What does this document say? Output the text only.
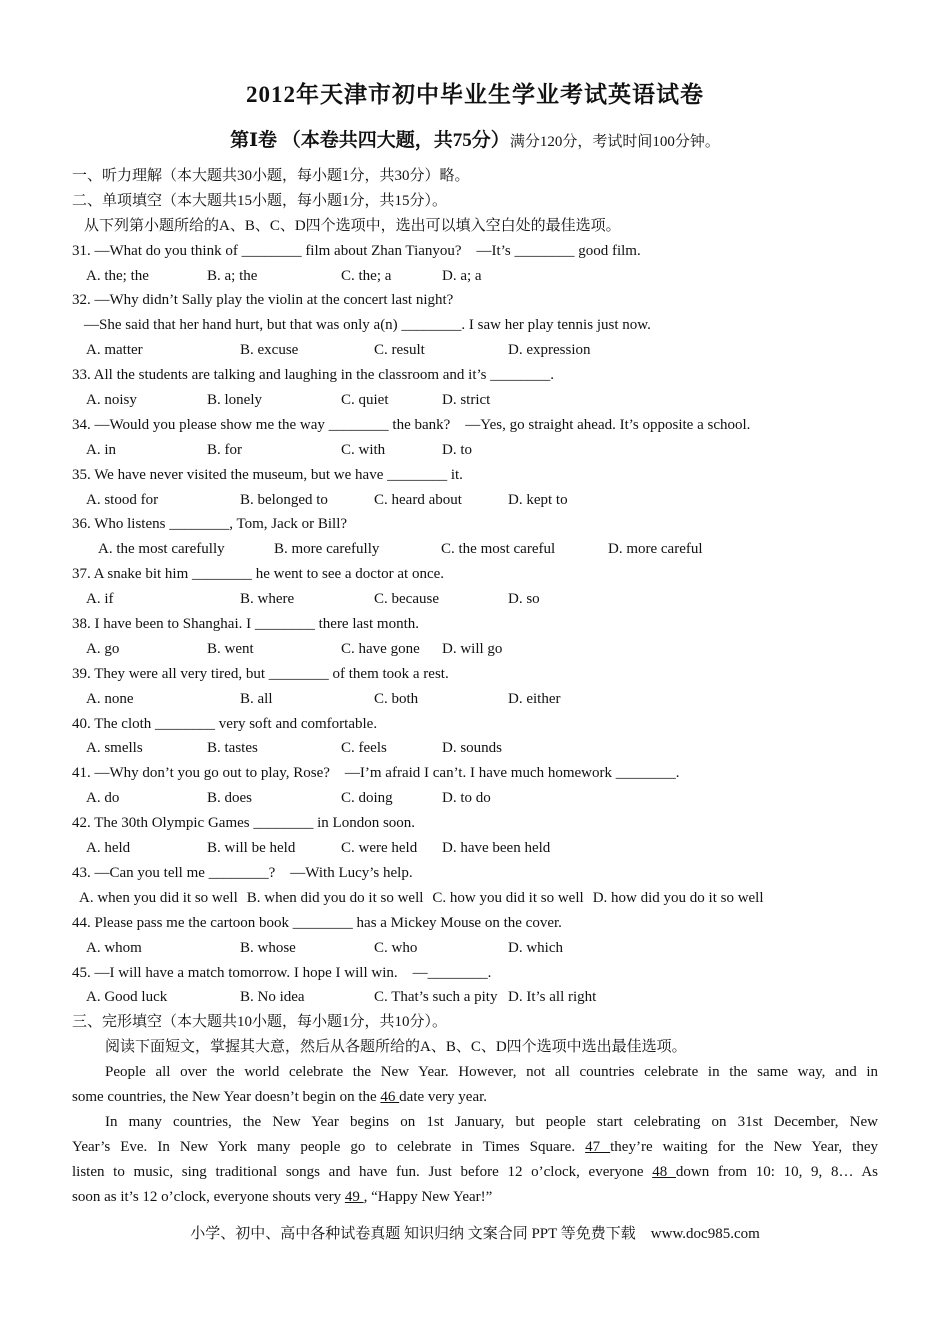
2012年天津市初中毕业生学业考试英语试卷
第Ⅰ卷 （本卷共四大题，共75分）满分120分，考试时间100分钟。
一、听力理解（本大题共30小题，每小题1分，共30分）略。
二、单项填空（本大题共15小题，每小题1分，共15分）。
从下列第小题所给的A、B、C、D四个选项中，选出可以填入空白处的最佳选项。
31. —What do you think of ________ film about Zhan Tianyou?　—It’s ________ good film.
A. the; the	B. a; the	C. the; a	D. a; a
32. —Why didn’t Sally play the violin at the concert last night?
—She said that her hand hurt, but that was only a(n) ________. I saw her play tennis just now.
A. matter	B. excuse	C. result	D. expression
33. All the students are talking and laughing in the classroom and it’s ________.
A. noisy	B. lonely	C. quiet	D. strict
34. —Would you please show me the way ________ the bank?　—Yes, go straight ahead. It’s opposite a school.
A. in	B. for	C. with	D. to
35. We have never visited the museum, but we have ________ it.
A. stood for	B. belonged to	C. heard about	D. kept to
36. Who listens ________, Tom, Jack or Bill?
A. the most carefully	B. more carefully	C. the most careful	D. more careful
37. A snake bit him ________ he went to see a doctor at once.
A. if	B. where	C. because	D. so
38. I have been to Shanghai. I ________ there last month.
A. go	B. went	C. have gone	D. will go
39. They were all very tired, but ________ of them took a rest.
A. none	B. all	C. both	D. either
40. The cloth ________ very soft and comfortable.
A. smells	B. tastes	C. feels	D. sounds
41. —Why don’t you go out to play, Rose?　—I’m afraid I can’t. I have much homework ________.
A. do	B. does	C. doing	D. to do
42. The 30th Olympic Games ________ in London soon.
A. held	B. will be held	C. were held	D. have been held
43. —Can you tell me ________?　—With Lucy’s help.
A. when you did it so well B. when did you do it so well C. how you did it so well D. how did you do it so well
44. Please pass me the cartoon book ________ has a Mickey Mouse on the cover.
A. whom	B. whose	C. who	D. which
45. —I will have a match tomorrow. I hope I will win.　—________.
A. Good luck	B. No idea	C. That’s such a pity D. It’s all right
三、完形填空（本大题共10小题，每小题1分，共10分）。
阅读下面短文，掌握其大意，然后从各题所给的A、B、C、D四个选项中选出最佳选项。
People all over the world celebrate the New Year. However, not all countries celebrate in the same way, and in
some countries, the New Year doesn’t begin on the 46 date very year.
In many countries, the New Year begins on 1st January, but people start celebrating on 31st December, New
Year’s Eve. In New York many people go to celebrate in Times Square. 47 they’re waiting for the New Year, they
listen to music, sing traditional songs and have fun. Just before 12 o’clock, everyone 48 down from 10: 10, 9, 8… As
soon as it’s 12 o’clock, everyone shouts very 49 , “Happy New Year!”
小学、初中、高中各种试卷真题 知识归纳 文案合同 PPT 等免费下载　www.doc985.com
